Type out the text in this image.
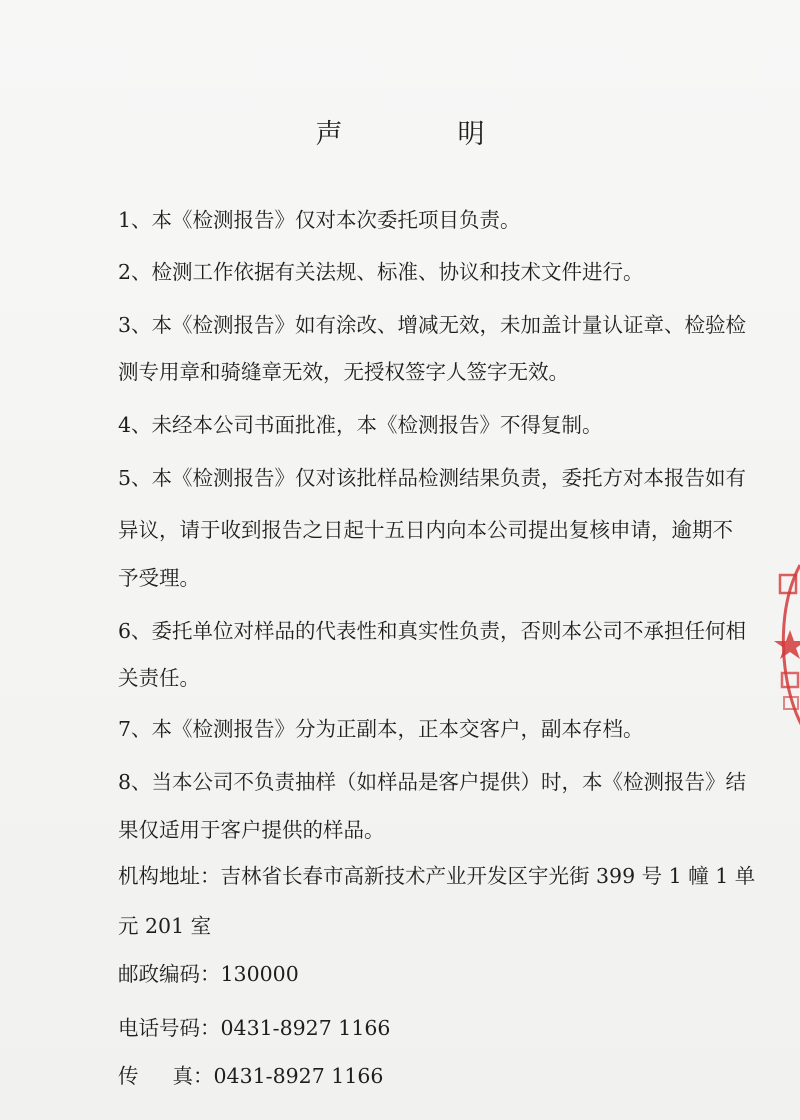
声　明
1、本《检测报告》仅对本次委托项目负责。
2、检测工作依据有关法规、标准、协议和技术文件进行。
3、本《检测报告》如有涂改、增减无效，未加盖计量认证章、检验检
测专用章和骑缝章无效，无授权签字人签字无效。
4、未经本公司书面批准，本《检测报告》不得复制。
5、本《检测报告》仅对该批样品检测结果负责，委托方对本报告如有
异议，请于收到报告之日起十五日内向本公司提出复核申请，逾期不
予受理。
6、委托单位对样品的代表性和真实性负责，否则本公司不承担任何相
关责任。
7、本《检测报告》分为正副本，正本交客户，副本存档。
8、当本公司不负责抽样（如样品是客户提供）时，本《检测报告》结
果仅适用于客户提供的样品。
机构地址：吉林省长春市高新技术产业开发区宇光街 399 号 1 幢 1 单
元 201 室
邮政编码：130000
电话号码：0431-8927 1166
传真：0431-8927 1166
